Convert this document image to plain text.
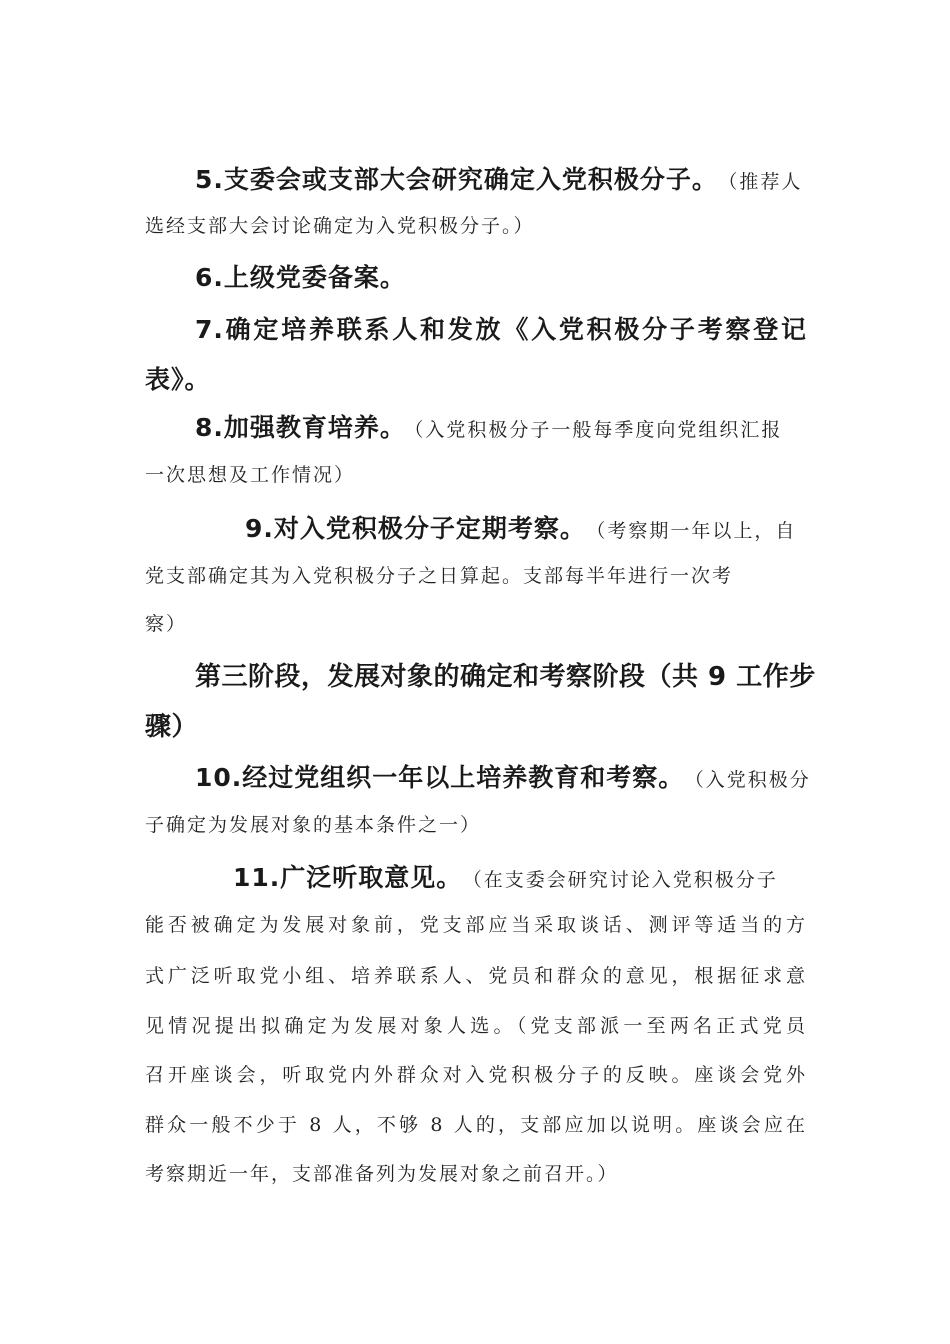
5.支委会或支部大会研究确定入党积极分子。 （推荐人
选经支部大会讨论确定为入党积极分子。）
6.上级党委备案。
7.确定培养联系人和发放《入党积极分子考察登记
表》。
8.加强教育培养。 （入党积极分子一般每季度向党组织汇报
一次思想及工作情况）
9.对入党积极分子定期考察。 （考察期一年以上，自
党支部确定其为入党积极分子之日算起。支部每半年进行一次考
察）
第三阶段，发展对象的确定和考察阶段（共 9 工作步
骤）
10.经过党组织一年以上培养教育和考察。 （入党积极分
子确定为发展对象的基本条件之一）
11.广泛听取意见。 （在支委会研究讨论入党积极分子
能否被确定为发展对象前，党支部应当采取谈话、测评等适当的方
式广泛听取党小组、培养联系人、党员和群众的意见，根据征求意
见情况提出拟确定为发展对象人选。（党支部派一至两名正式党员
召开座谈会，听取党内外群众对入党积极分子的反映。座谈会党外
群众一般不少于 8 人，不够 8 人的，支部应加以说明。座谈会应在
考察期近一年，支部准备列为发展对象之前召开。）
